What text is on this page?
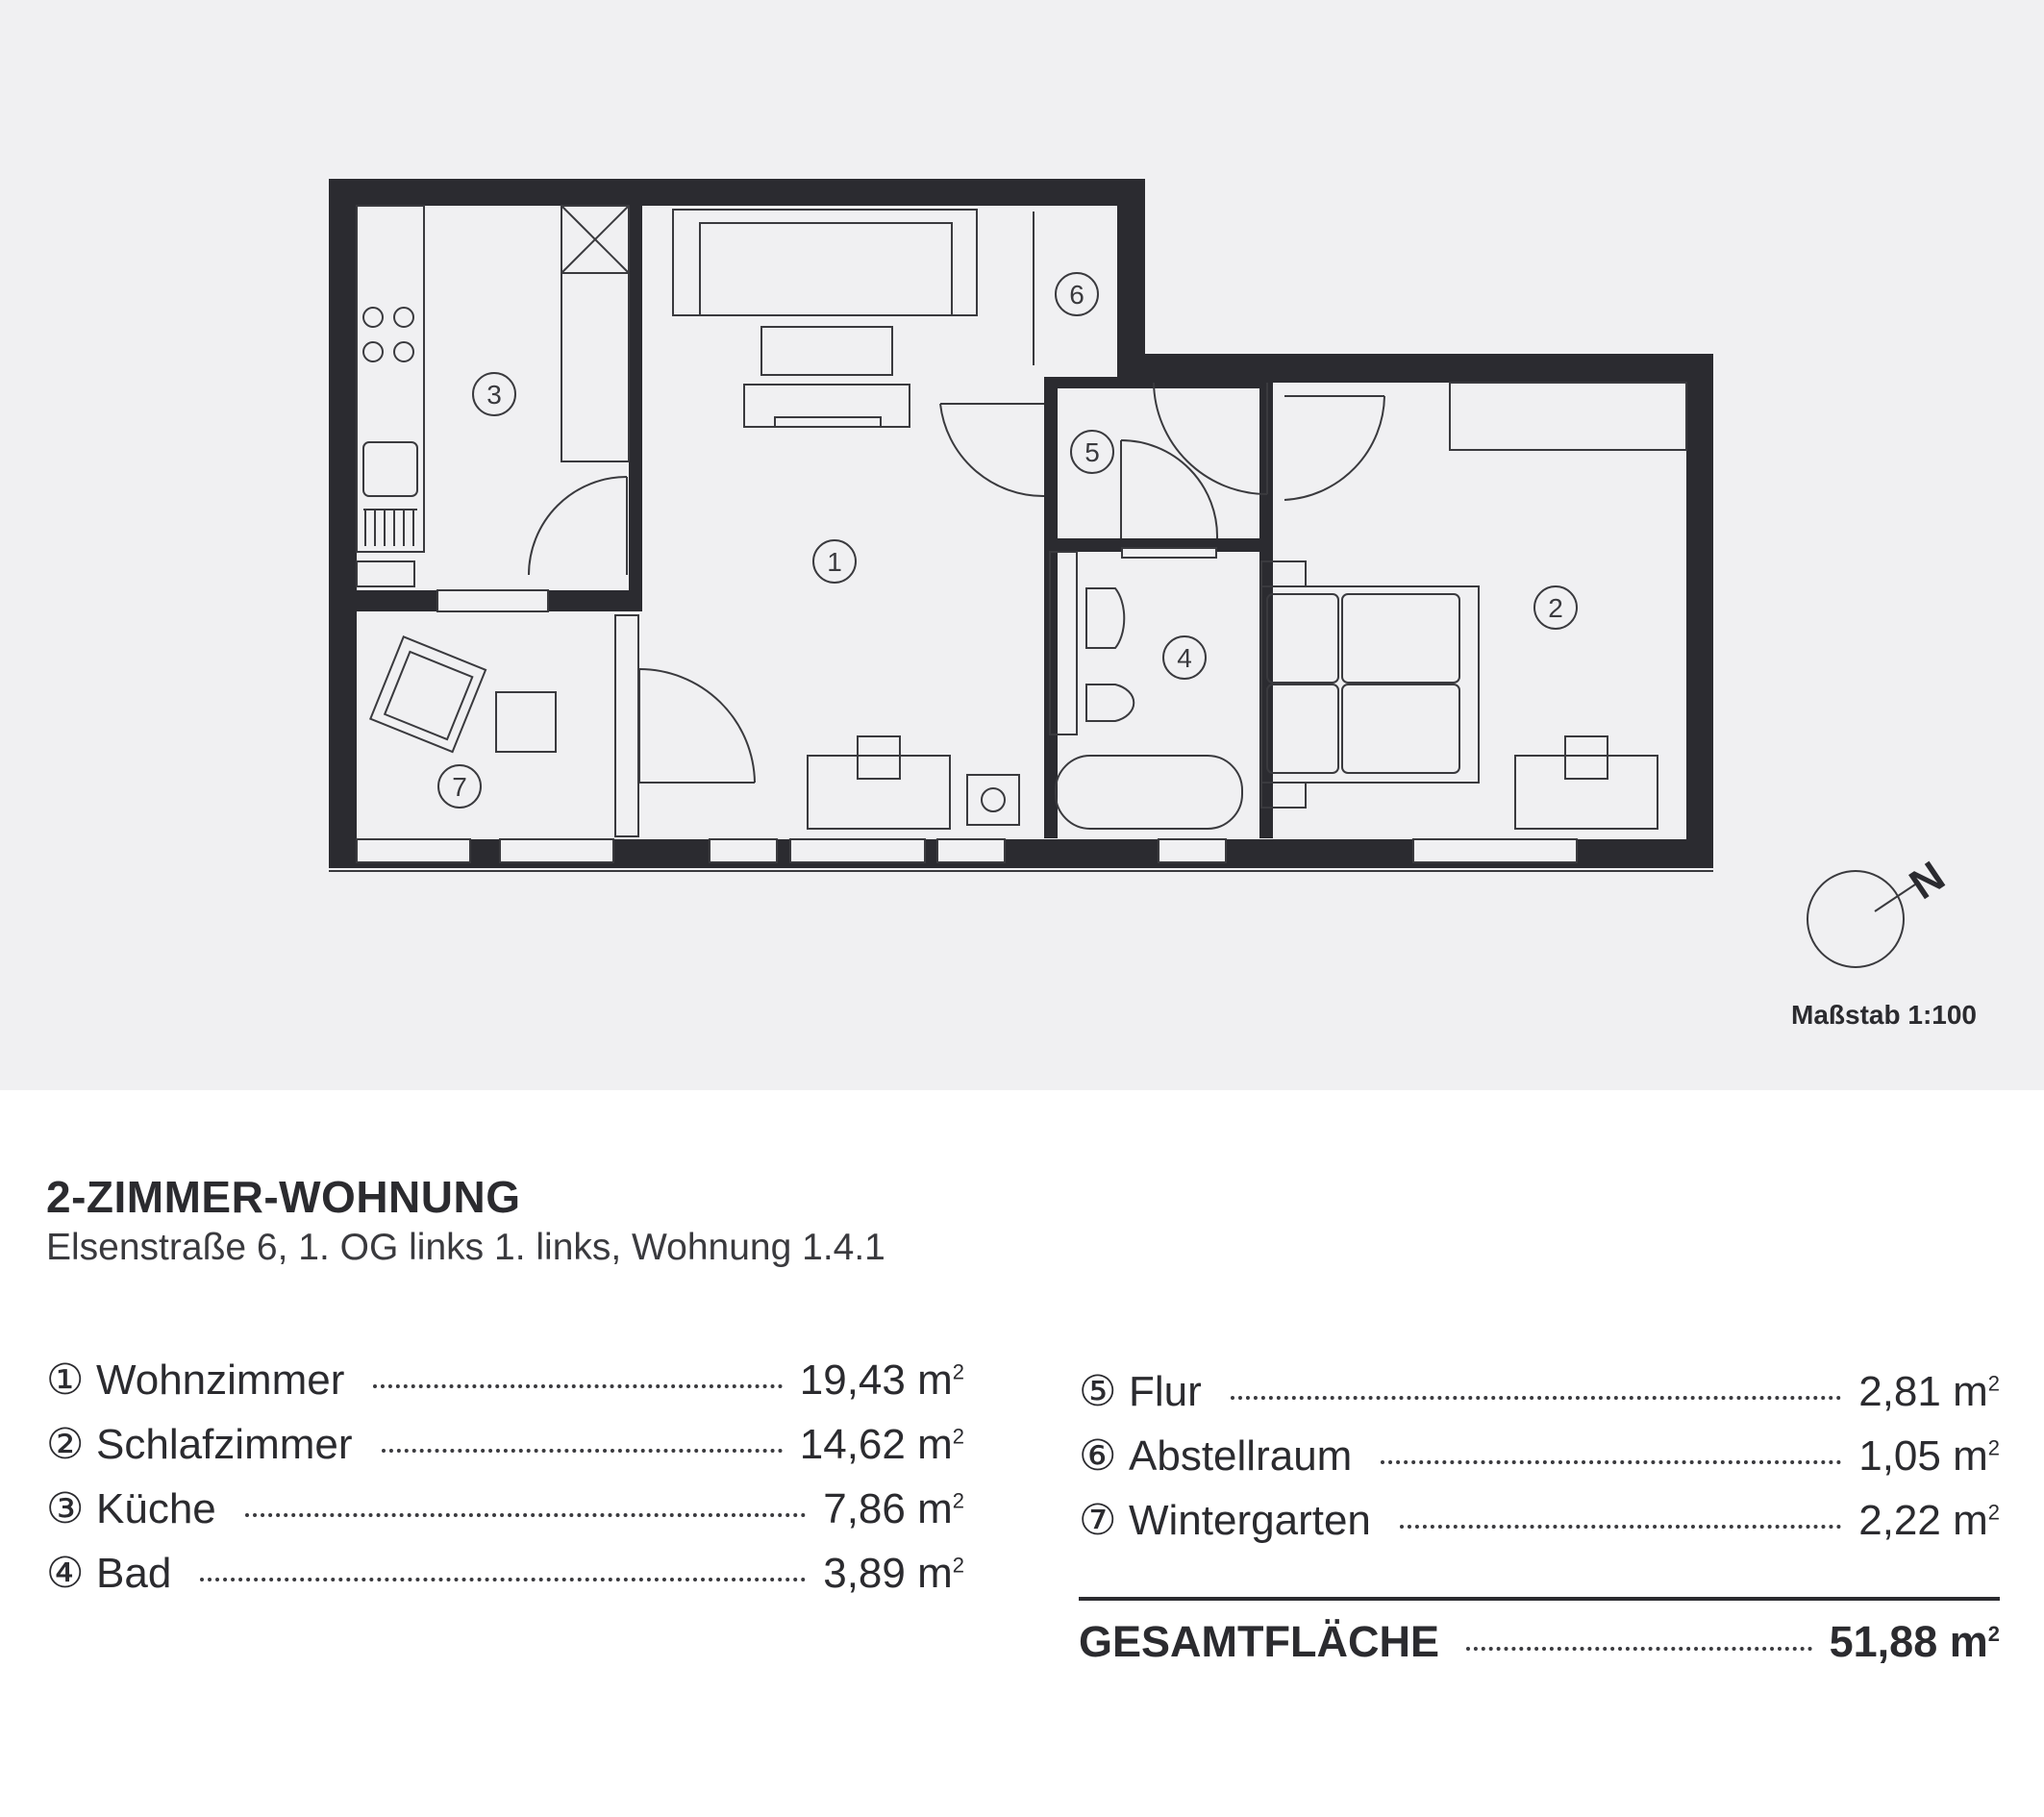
1
2
3
4
5
6
7
N
Maßstab 1:100
2-ZIMMER-WOHNUNG
Elsenstraße 6, 1. OG links 1. links, Wohnung 1.4.1
① Wohnzimmer	19,43 m $^2$
② Schlafzimmer	14,62 m $^2$
③ Küche	7,86 m $^2$
④ Bad	3,89 m $^2$
⑤ Flur	2,81 m $^2$
⑥ Abstellraum	1,05 m $^2$
⑦ Wintergarten	2,22 m $^2$
GESAMTFLÄCHE	51,88 m $^2$
